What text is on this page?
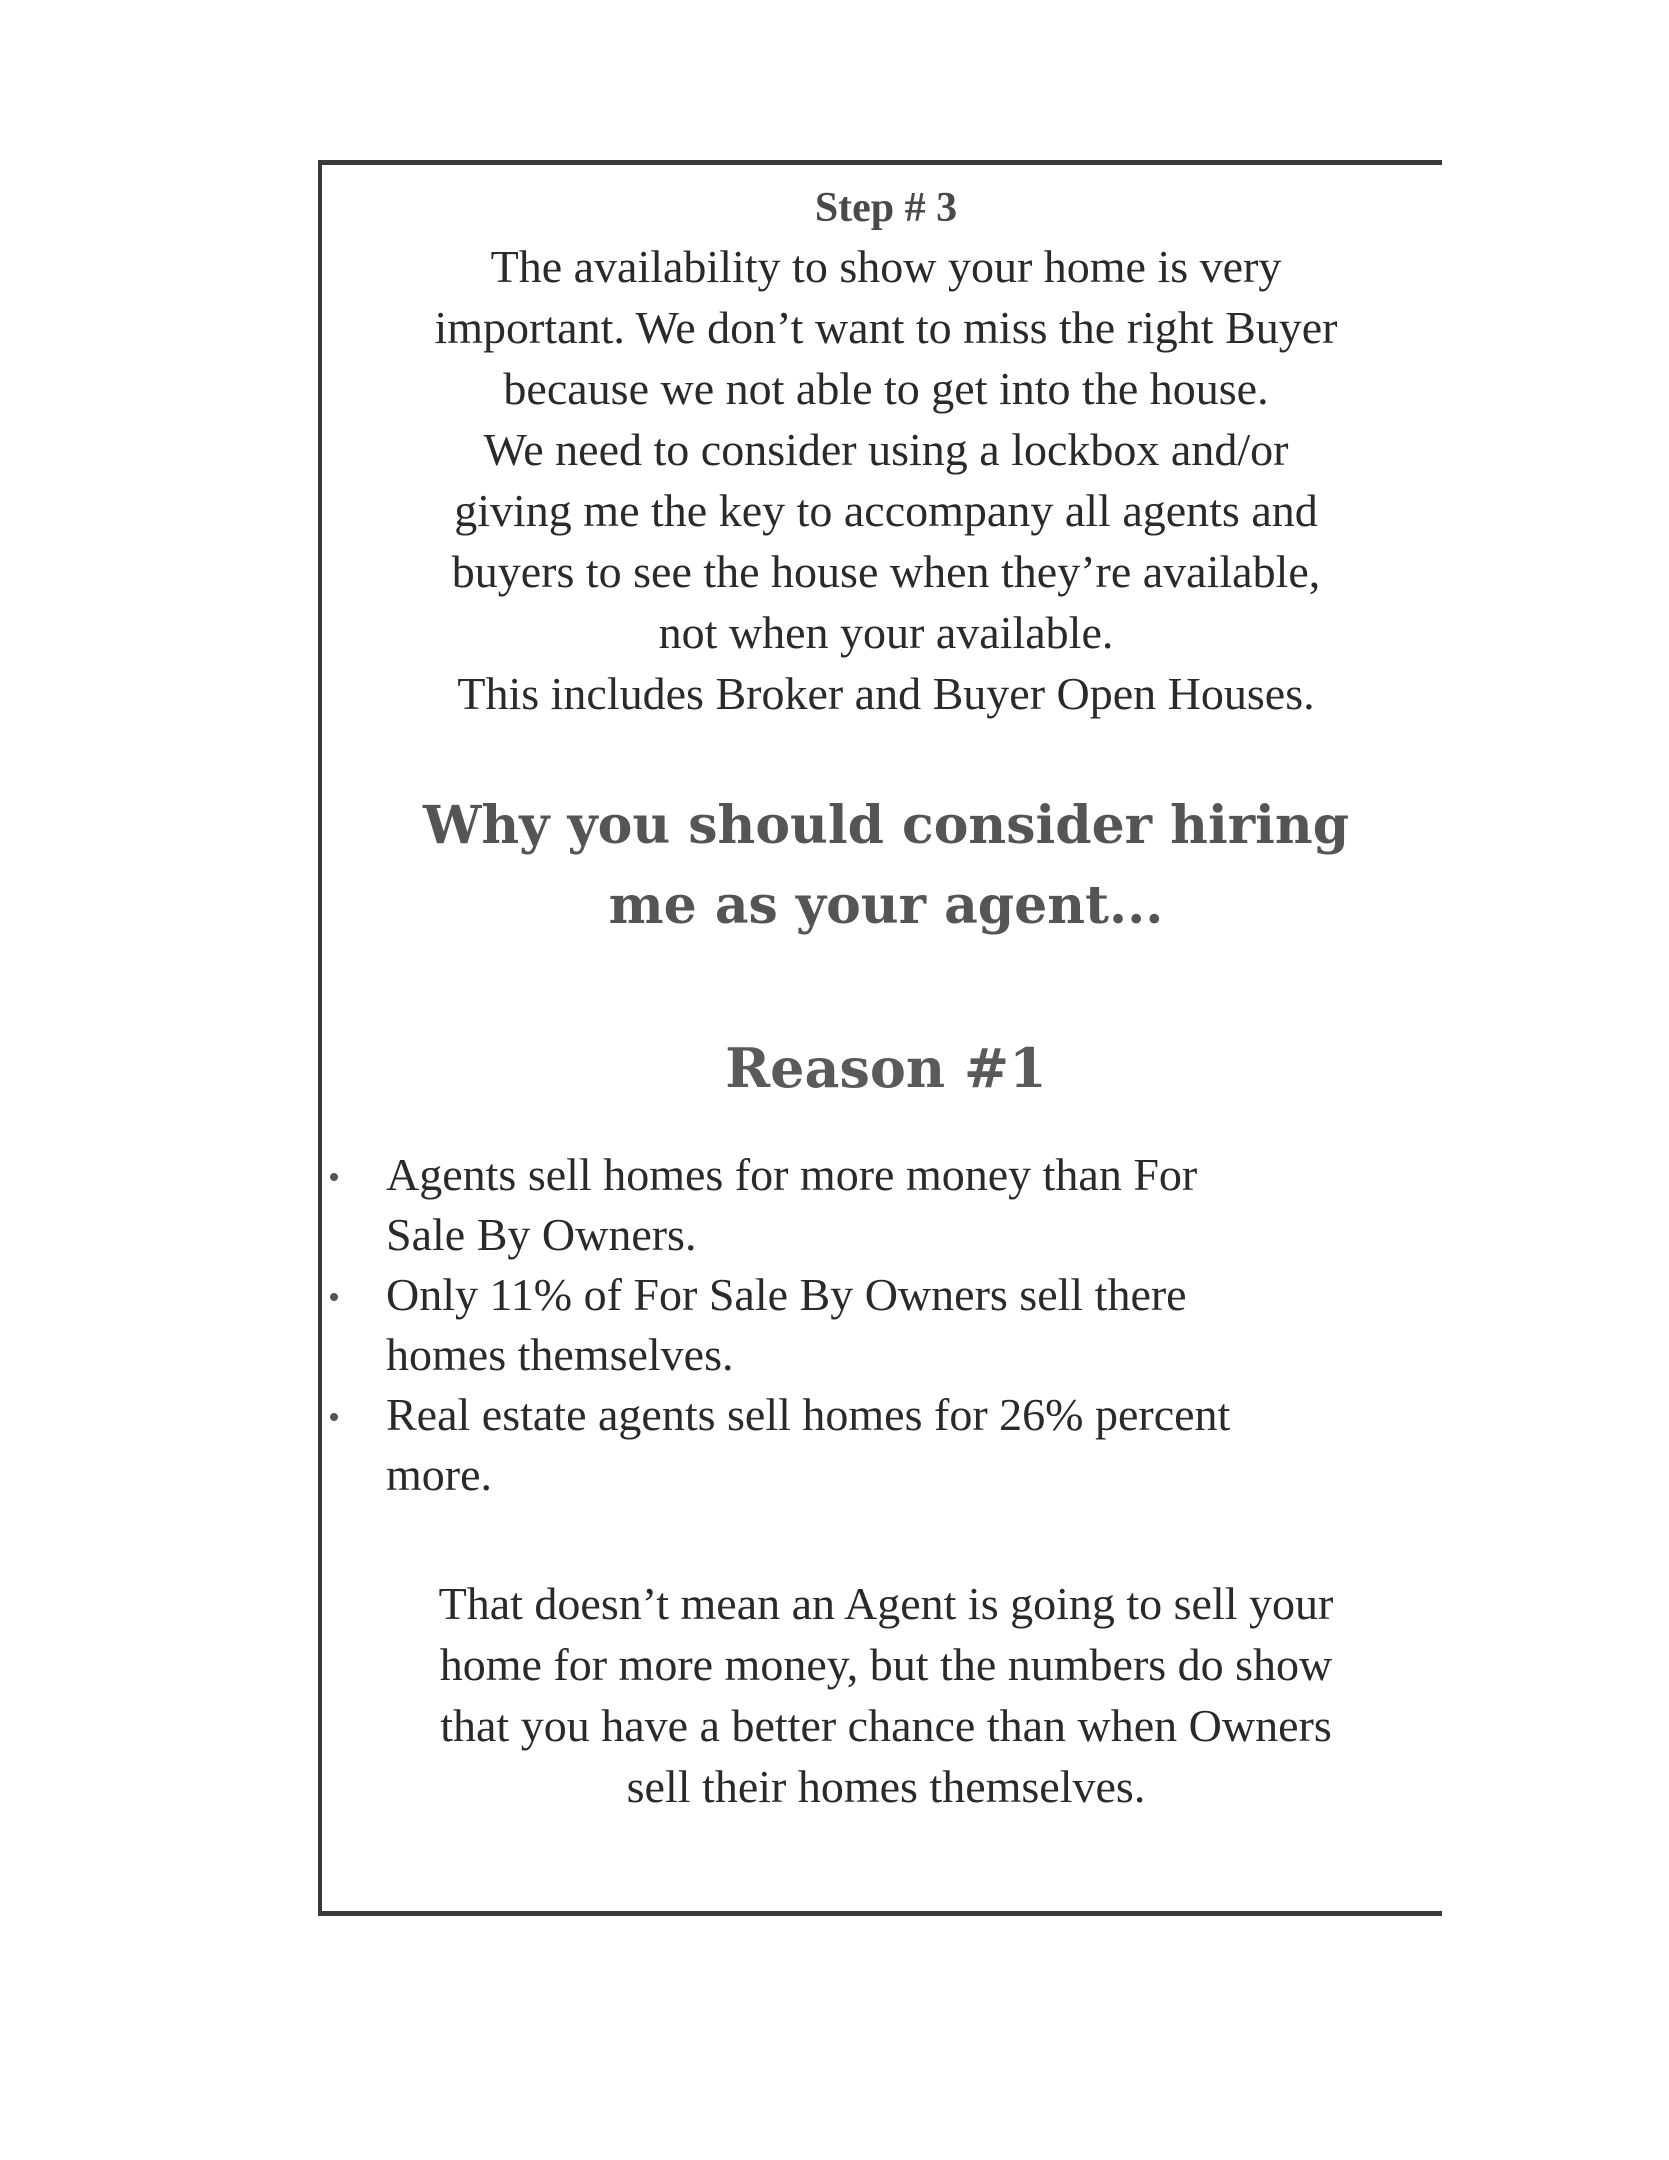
Step # 3
The availability to show your home is very
important. We don’t want to miss the right Buyer
because we not able to get into the house.
We need to consider using a lockbox and/or
giving me the key to accompany all agents and
buyers to see the house when they’re available,
not when your available.
This includes Broker and Buyer Open Houses.
Why you should consider hiring
me as your agent...
Reason #1
Agents sell homes for more money than For
Sale By Owners.
Only 11% of For Sale By Owners sell there
homes themselves.
Real estate agents sell homes for 26% percent
more.
That doesn’t mean an Agent is going to sell your
home for more money, but the numbers do show
that you have a better chance than when Owners
sell their homes themselves.
